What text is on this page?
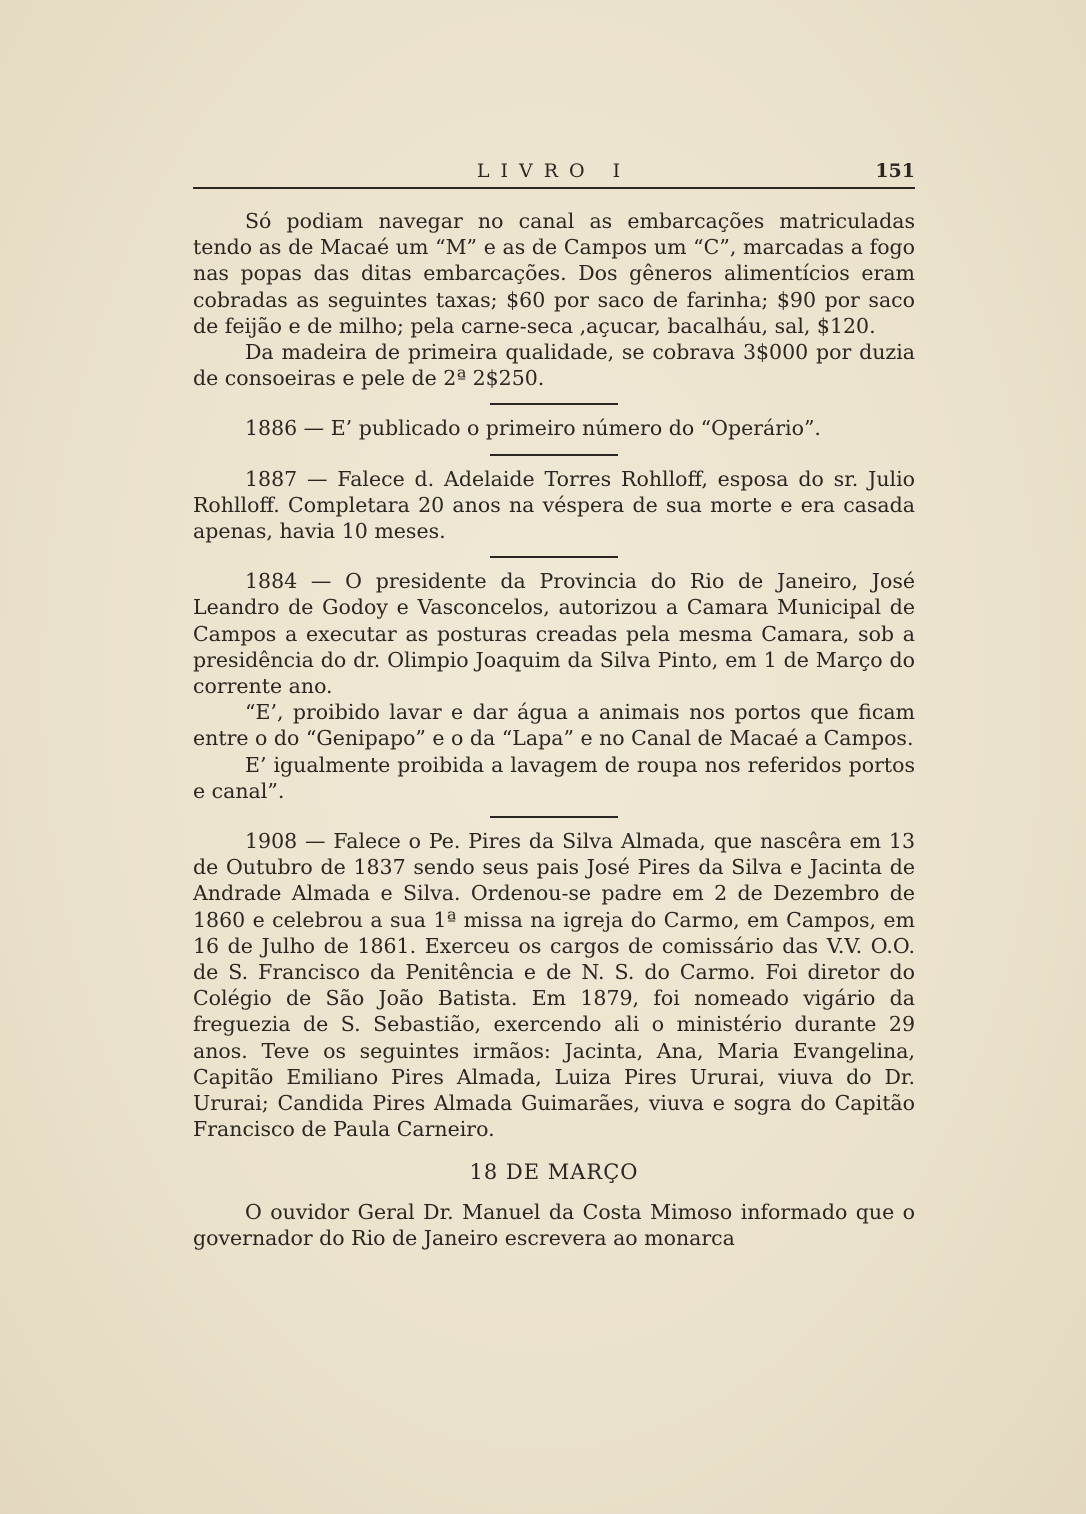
LIVRO I	151

Só podiam navegar no canal as embarcações matriculadas tendo as de Macaé um “M” e as de Campos um “C”, marcadas a fogo nas popas das ditas embarcações. Dos gêneros alimentícios eram cobradas as seguintes taxas; $60 por saco de farinha; $90 por saco de feijão e de milho; pela carne-seca ,açucar, bacalháu, sal, $120.

Da madeira de primeira qualidade, se cobrava 3$000 por duzia de consoeiras e pele de 2ª 2$250.

1886 — E’ publicado o primeiro número do “Operário”.

1887 — Falece d. Adelaide Torres Rohlloff, esposa do sr. Julio Rohlloff. Completara 20 anos na véspera de sua morte e era casada apenas, havia 10 meses.

1884 — O presidente da Provincia do Rio de Janeiro, José Leandro de Godoy e Vasconcelos, autorizou a Camara Municipal de Campos a executar as posturas creadas pela mesma Camara, sob a presidência do dr. Olimpio Joaquim da Silva Pinto, em 1 de Março do corrente ano.

“E’, proibido lavar e dar água a animais nos portos que ficam entre o do “Genipapo” e o da “Lapa” e no Canal de Macaé a Campos.

E’ igualmente proibida a lavagem de roupa nos referidos portos e canal”.

1908 — Falece o Pe. Pires da Silva Almada, que nascêra em 13 de Outubro de 1837 sendo seus pais José Pires da Silva e Jacinta de Andrade Almada e Silva. Ordenou-se padre em 2 de Dezembro de 1860 e celebrou a sua 1ª missa na igreja do Carmo, em Campos, em 16 de Julho de 1861. Exerceu os cargos de comissário das V.V. O.O. de S. Francisco da Penitência e de N. S. do Carmo. Foi diretor do Colégio de São João Batista. Em 1879, foi nomeado vigário da freguezia de S. Sebastião, exercendo ali o ministério durante 29 anos. Teve os seguintes irmãos: Jacinta, Ana, Maria Evangelina, Capitão Emiliano Pires Almada, Luiza Pires Ururai, viuva do Dr. Ururai; Candida Pires Almada Guimarães, viuva e sogra do Capitão Francisco de Paula Carneiro.

18 DE MARÇO

O ouvidor Geral Dr. Manuel da Costa Mimoso informado que o governador do Rio de Janeiro escrevera ao monarca
